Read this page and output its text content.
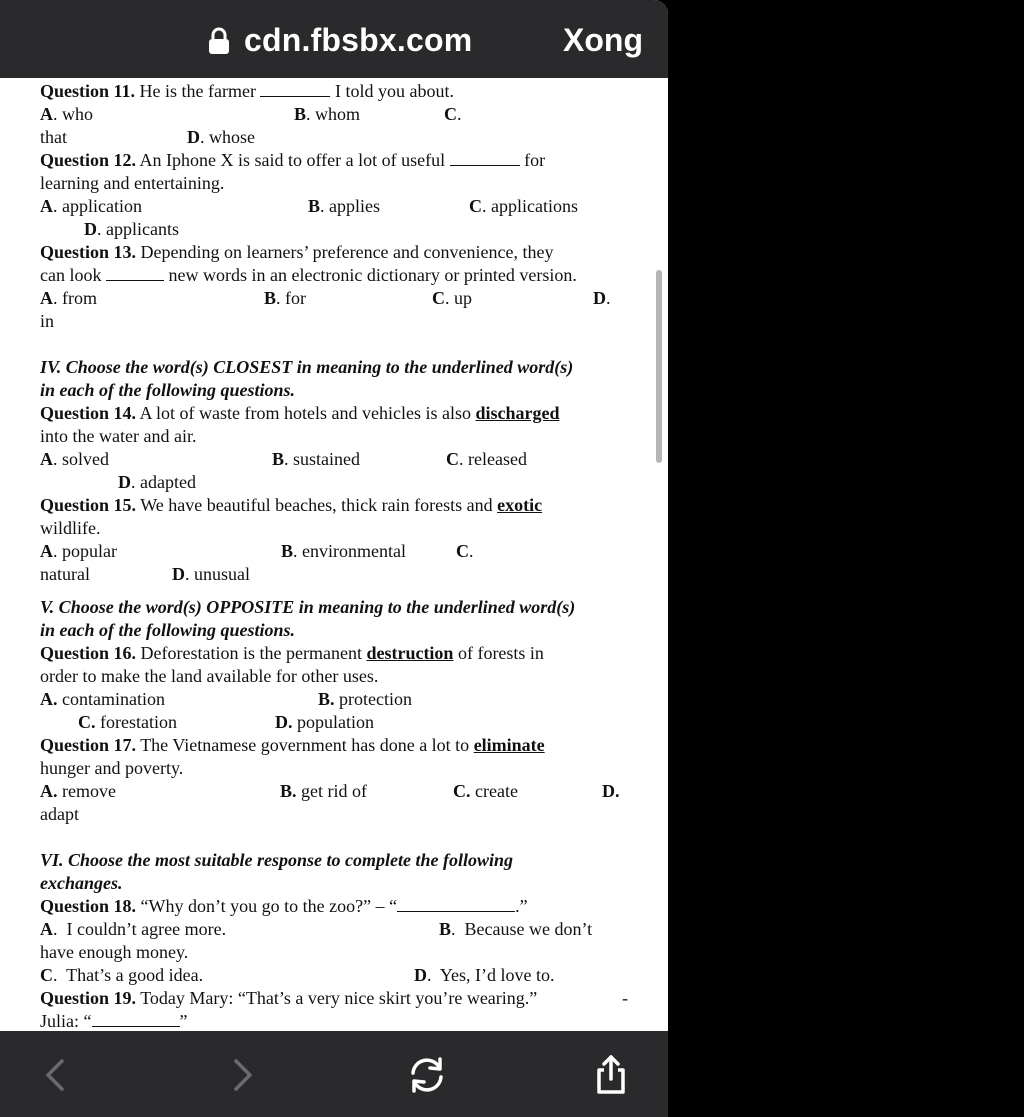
cdn.fbsbx.com	Xong
Question 11. He is the farmer	I told you about.
A. who	B. whom	C.
that	D. whose
Question 12. An Iphone X is said to offer a lot of useful	for
learning and entertaining.
A. application	B. applies	C. applications
D. applicants
Question 13. Depending on learners’ preference and convenience, they
can look	new words in an electronic dictionary or printed version.
A. from	B. for	C. up	D.
in
IV. Choose the word(s) CLOSEST in meaning to the underlined word(s)
in each of the following questions.
Question 14. A lot of waste from hotels and vehicles is also discharged
into the water and air.
A. solved	B. sustained	C. released
D. adapted
Question 15. We have beautiful beaches, thick rain forests and exotic
wildlife.
A. popular	B. environmental	C.
natural	D. unusual
V. Choose the word(s) OPPOSITE in meaning to the underlined word(s)
in each of the following questions.
Question 16. Deforestation is the permanent destruction of forests in
order to make the land available for other uses.
A. contamination	B. protection
C. forestation	D. population
Question 17. The Vietnamese government has done a lot to eliminate
hunger and poverty.
A. remove	B. get rid of	C. create	D.
adapt
VI. Choose the most suitable response to complete the following
exchanges.
Question 18. “Why don’t you go to the zoo?” – “	.”
A.  I couldn’t agree more.	B.  Because we don’t
have enough money.
C.  That’s a good idea.	D.  Yes, I’d love to.
Question 19. Today Mary: “That’s a very nice skirt you’re wearing.”	-
Julia: “	”
